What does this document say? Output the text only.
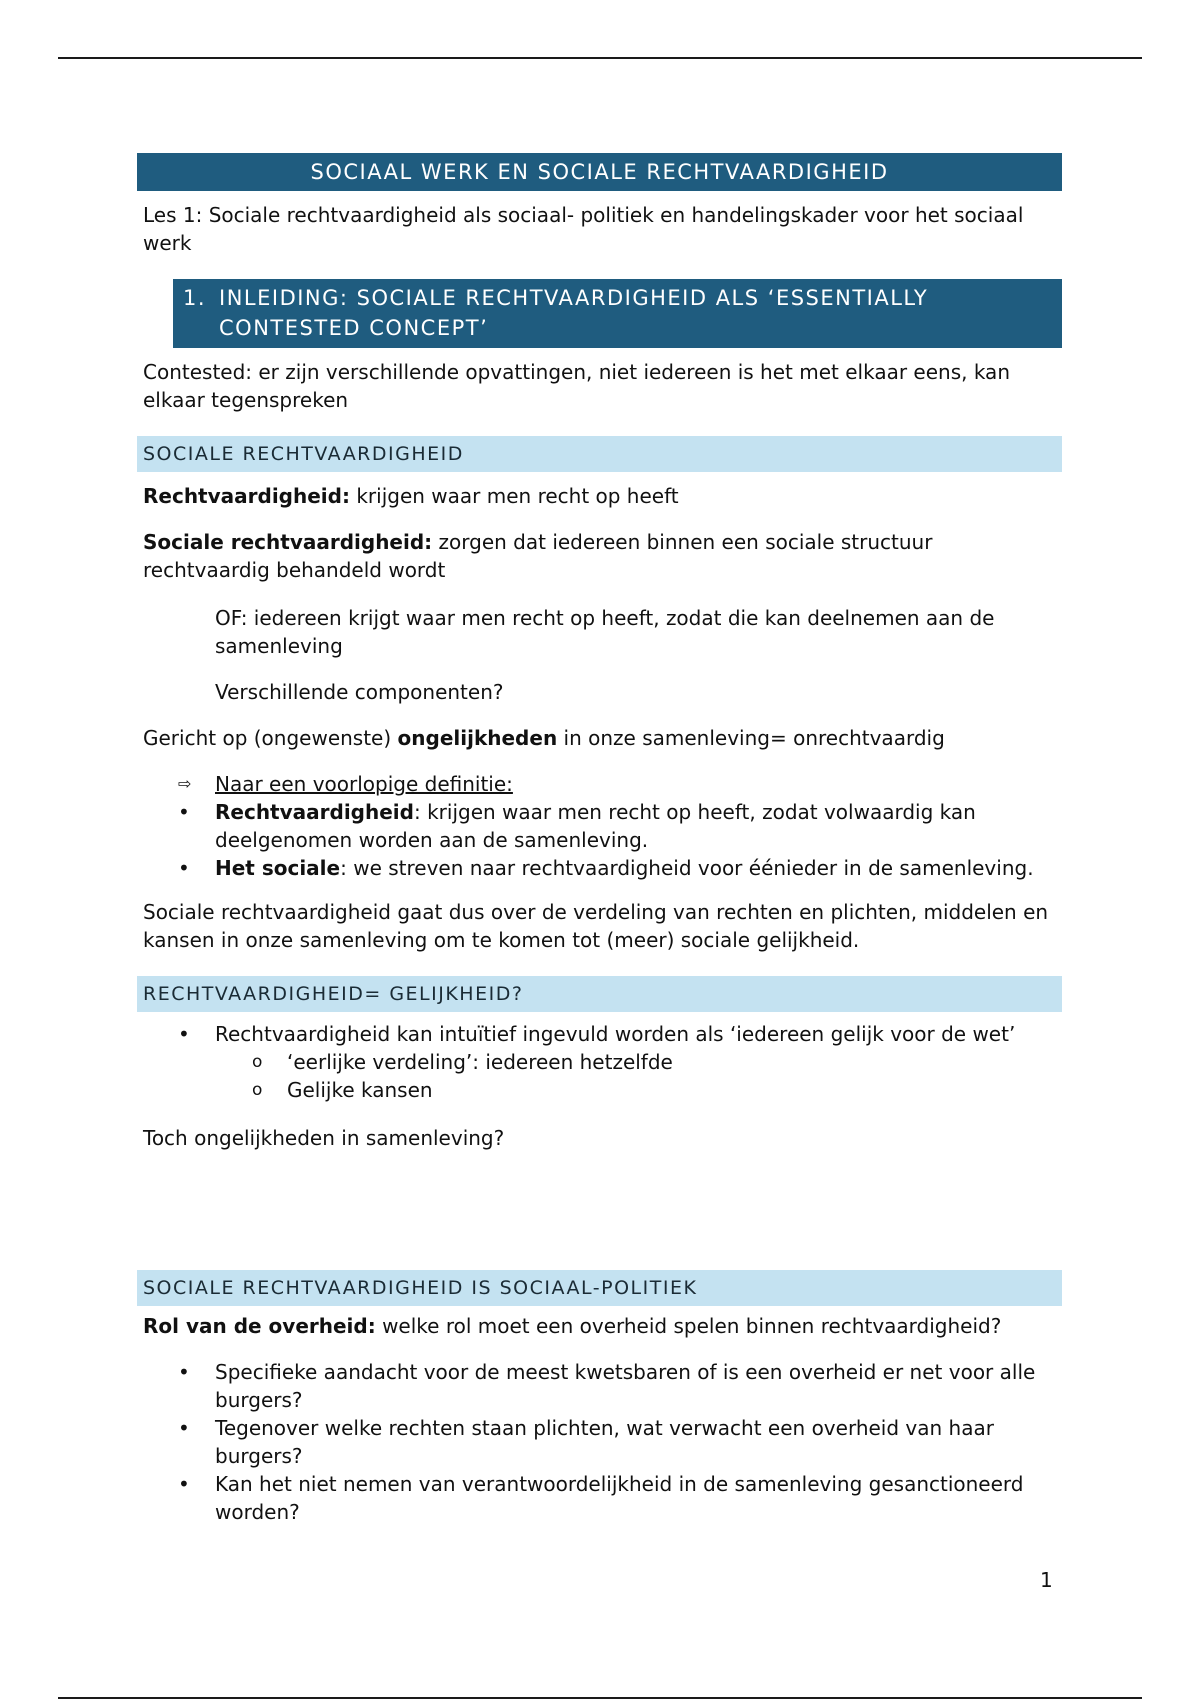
SOCIAAL WERK EN SOCIALE RECHTVAARDIGHEID

Les 1: Sociale rechtvaardigheid als sociaal- politiek en handelingskader voor het sociaal werk

1. INLEIDING: SOCIALE RECHTVAARDIGHEID ALS ‘ESSENTIALLY CONTESTED CONCEPT’

Contested: er zijn verschillende opvattingen, niet iedereen is het met elkaar eens, kan elkaar tegenspreken

SOCIALE RECHTVAARDIGHEID

Rechtvaardigheid: krijgen waar men recht op heeft

Sociale rechtvaardigheid: zorgen dat iedereen binnen een sociale structuur rechtvaardig behandeld wordt

OF: iedereen krijgt waar men recht op heeft, zodat die kan deelnemen aan de samenleving

Verschillende componenten?

Gericht op (ongewenste) ongelijkheden in onze samenleving= onrechtvaardig

⇨ Naar een voorlopige definitie:
• Rechtvaardigheid: krijgen waar men recht op heeft, zodat volwaardig kan deelgenomen worden aan de samenleving.
• Het sociale: we streven naar rechtvaardigheid voor éénieder in de samenleving.

Sociale rechtvaardigheid gaat dus over de verdeling van rechten en plichten, middelen en kansen in onze samenleving om te komen tot (meer) sociale gelijkheid.

RECHTVAARDIGHEID= GELIJKHEID?
• Rechtvaardigheid kan intuïtief ingevuld worden als ‘iedereen gelijk voor de wet’
o ‘eerlijke verdeling’: iedereen hetzelfde
o Gelijke kansen

Toch ongelijkheden in samenleving?

SOCIALE RECHTVAARDIGHEID IS SOCIAAL-POLITIEK

Rol van de overheid: welke rol moet een overheid spelen binnen rechtvaardigheid?

• Specifieke aandacht voor de meest kwetsbaren of is een overheid er net voor alle burgers?
• Tegenover welke rechten staan plichten, wat verwacht een overheid van haar burgers?
• Kan het niet nemen van verantwoordelijkheid in de samenleving gesanctioneerd worden?
1
